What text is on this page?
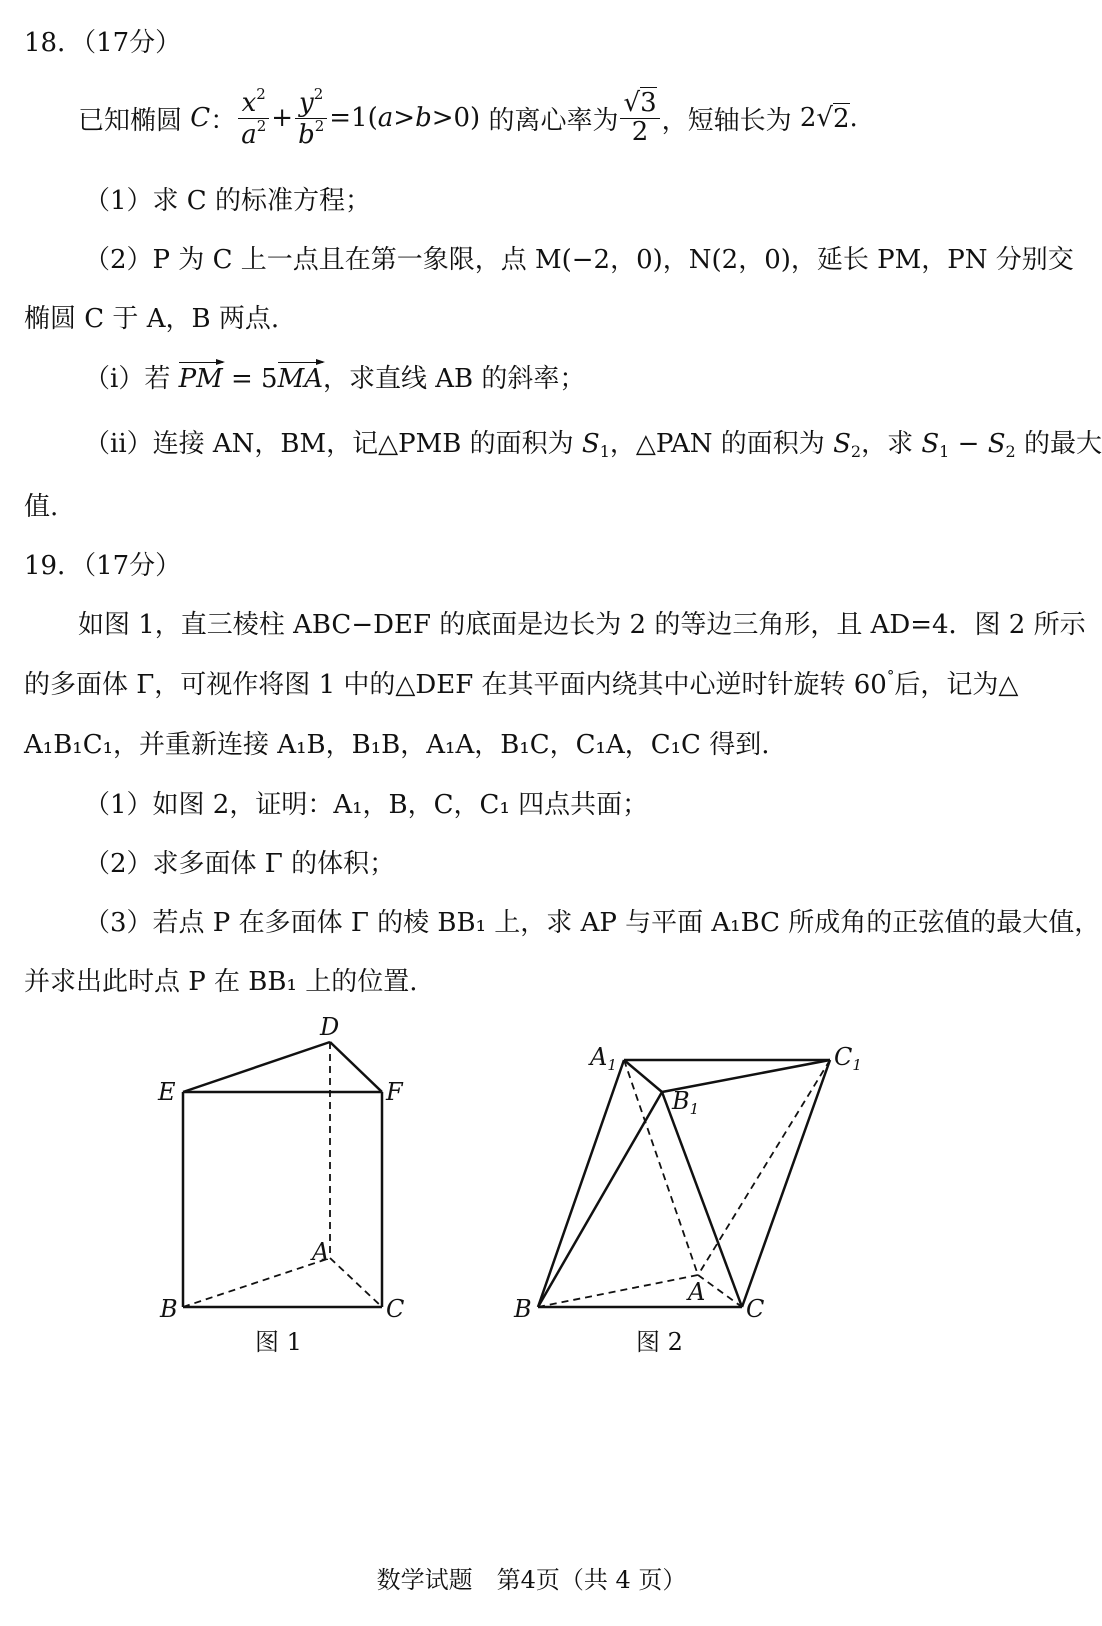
18．（17分）
已知椭圆
C ： $\frac{x^2}{a^2} + \frac{y^2}{b^2} =1$( a > b >0) 的离心率为 $\frac{√3}{2}$ ，短轴长为 2√ 2 .
（1）求 C 的标准方程；
（2）P 为 C 上一点且在第一象限，点 M(−2，0)，N(2，0)，延长 PM，PN 分别交
椭圆 C 于 A，B 两点.
（i）若 PM = 5MA，求直线 AB 的斜率；
（ii）连接 AN，BM，记△PMB 的面积为 S1，△PAN 的面积为 S2，求 S1 − S2 的最大
值.
19．（17分）
如图 1，直三棱柱 ABC−DEF 的底面是边长为 2 的等边三角形，且 AD=4．图 2 所示
的多面体 Γ，可视作将图 1 中的△DEF 在其平面内绕其中心逆时针旋转 60°后，记为△
A₁B₁C₁，并重新连接 A₁B，B₁B，A₁A，B₁C，C₁A，C₁C 得到.
（1）如图 2，证明：A₁，B，C，C₁ 四点共面；
（2）求多面体 Γ 的体积；
（3）若点 P 在多面体 Γ 的棱 BB₁ 上，求 AP 与平面 A₁BC 所成角的正弦值的最大值，
并求出此时点 P 在 BB₁ 上的位置.
D
E	F
A
B	C
图 1
$A_1$
$B_1$
$C_1$
A
B	C
图 2
数学试题　第4页（共 4 页）
